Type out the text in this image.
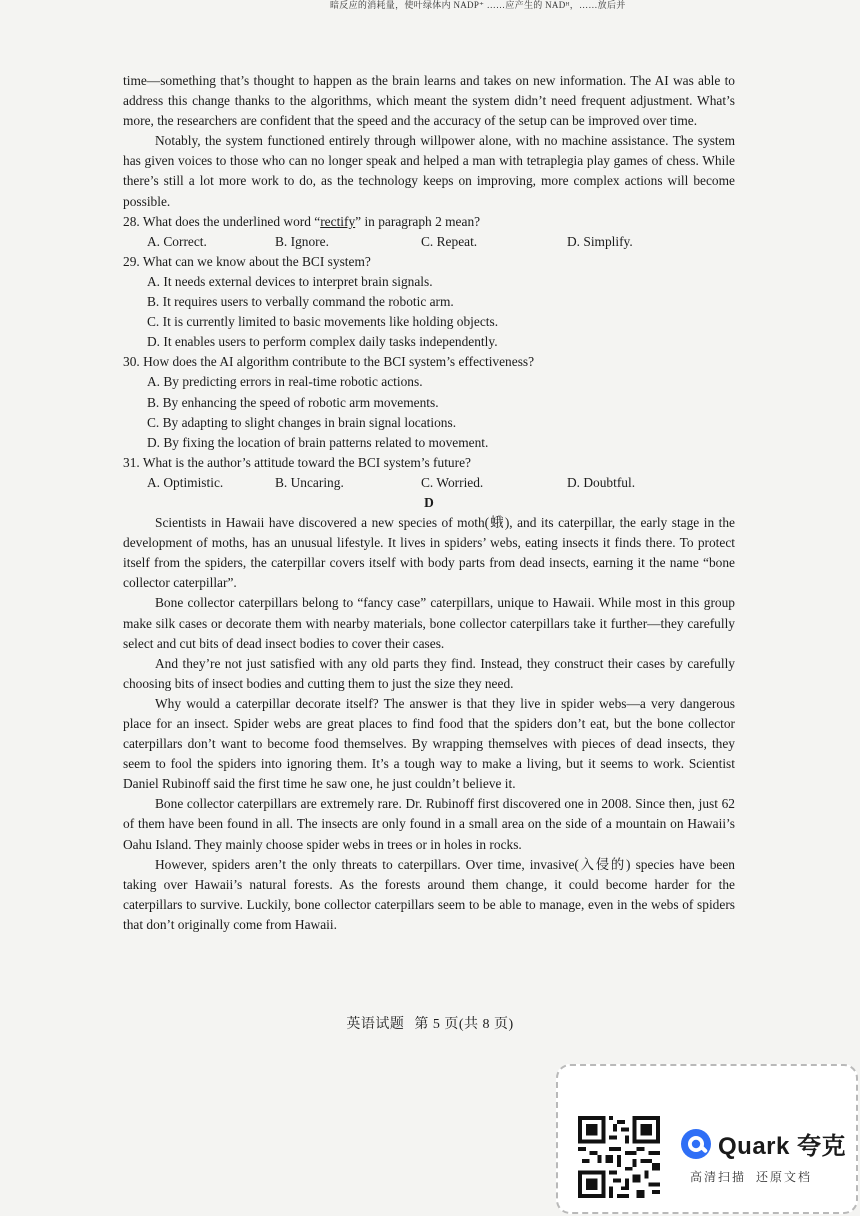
暗反应的消耗量，使叶绿体内 NADP⁺ ……应产生的 NADᴴ，……放后并

time—something that’s thought to happen as the brain learns and takes on new information. The AI was able to address this change thanks to the algorithms, which meant the system didn’t need frequent adjustment. What’s more, the researchers are confident that the speed and the accuracy of the setup can be improved over time.

Notably, the system functioned entirely through willpower alone, with no machine assistance. The system has given voices to those who can no longer speak and helped a man with tetraplegia play games of chess. While there’s still a lot more work to do, as the technology keeps on improving, more complex actions will become possible.

28. What does the underlined word “rectify” in paragraph 2 mean?

A. Correct.	B. Ignore.	C. Repeat.	D. Simplify.

29. What can we know about the BCI system?

A. It needs external devices to interpret brain signals.

B. It requires users to verbally command the robotic arm.

C. It is currently limited to basic movements like holding objects.

D. It enables users to perform complex daily tasks independently.

30. How does the AI algorithm contribute to the BCI system’s effectiveness?

A. By predicting errors in real-time robotic actions.

B. By enhancing the speed of robotic arm movements.

C. By adapting to slight changes in brain signal locations.

D. By fixing the location of brain patterns related to movement.

31. What is the author’s attitude toward the BCI system’s future?

A. Optimistic.	B. Uncaring.	C. Worried.	D. Doubtful.

D

Scientists in Hawaii have discovered a new species of moth(蛾), and its caterpillar, the early stage in the development of moths, has an unusual lifestyle. It lives in spiders’ webs, eating insects it finds there. To protect itself from the spiders, the caterpillar covers itself with body parts from dead insects, earning it the name “bone collector caterpillar”.

Bone collector caterpillars belong to “fancy case” caterpillars, unique to Hawaii. While most in this group make silk cases or decorate them with nearby materials, bone collector caterpillars take it further—they carefully select and cut bits of dead insect bodies to cover their cases.

And they’re not just satisfied with any old parts they find. Instead, they construct their cases by carefully choosing bits of insect bodies and cutting them to just the size they need.

Why would a caterpillar decorate itself? The answer is that they live in spider webs—a very dangerous place for an insect. Spider webs are great places to find food that the spiders don’t eat, but the bone collector caterpillars don’t want to become food themselves. By wrapping themselves with pieces of dead insects, they seem to fool the spiders into ignoring them. It’s a tough way to make a living, but it seems to work. Scientist Daniel Rubinoff said the first time he saw one, he just couldn’t believe it.

Bone collector caterpillars are extremely rare. Dr. Rubinoff first discovered one in 2008. Since then, just 62 of them have been found in all. The insects are only found in a small area on the side of a mountain on Hawaii’s Oahu Island. They mainly choose spider webs in trees or in holes in rocks.

However, spiders aren’t the only threats to caterpillars. Over time, invasive(入侵的) species have been taking over Hawaii’s natural forests. As the forests around them change, it could become harder for the caterpillars to survive. Luckily, bone collector caterpillars seem to be able to manage, even in the webs of spiders that don’t originally come from Hawaii.

英语试题 第 5 页(共 8 页)
Quark 夸克
高清扫描 还原文档
